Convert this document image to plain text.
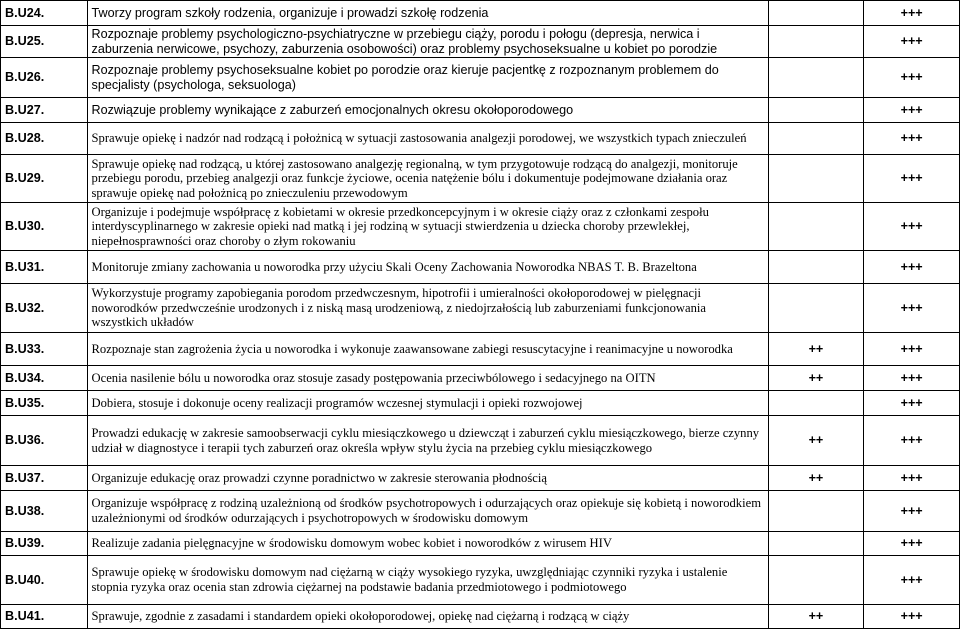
B.U24.	Tworzy program szkoły rodzenia, organizuje i prowadzi szkołę rodzenia		+++
B.U25.	Rozpoznaje problemy psychologiczno-psychiatryczne w przebiegu ciąży, porodu i połogu (depresja, nerwica i zaburzenia nerwicowe, psychozy, zaburzenia osobowości) oraz problemy psychoseksualne u kobiet po porodzie		+++
B.U26.	Rozpoznaje problemy psychoseksualne kobiet po porodzie oraz kieruje pacjentkę z rozpoznanym problemem do specjalisty (psychologa, seksuologa)		+++
B.U27.	Rozwiązuje problemy wynikające z zaburzeń emocjonalnych okresu okołoporodowego		+++
B.U28.	Sprawuje opiekę i nadzór nad rodzącą i położnicą w sytuacji zastosowania analgezji porodowej, we wszystkich typach znieczuleń		+++
B.U29.	Sprawuje opiekę nad rodzącą, u której zastosowano analgezję regionalną, w tym przygotowuje rodzącą do analgezji, monitoruje przebiegu porodu, przebieg analgezji oraz funkcje życiowe, ocenia natężenie bólu i dokumentuje podejmowane działania oraz sprawuje opiekę nad położnicą po znieczuleniu przewodowym		+++
B.U30.	Organizuje i podejmuje współpracę z kobietami w okresie przedkoncepcyjnym i w okresie ciąży oraz z członkami zespołu interdyscyplinarnego w zakresie opieki nad matką i jej rodziną w sytuacji stwierdzenia u dziecka choroby przewlekłej, niepełnosprawności oraz choroby o złym rokowaniu		+++
B.U31.	Monitoruje zmiany zachowania u noworodka przy użyciu Skali Oceny Zachowania Noworodka NBAS T. B. Brazeltona		+++
B.U32.	Wykorzystuje programy zapobiegania porodom przedwczesnym, hipotrofii i umieralności okołoporodowej w pielęgnacji noworodków przedwcześnie urodzonych i z niską masą urodzeniową, z niedojrzałością lub zaburzeniami funkcjonowania wszystkich układów		+++
B.U33.	Rozpoznaje stan zagrożenia życia u noworodka i wykonuje zaawansowane zabiegi resuscytacyjne i reanimacyjne u noworodka	++	+++
B.U34.	Ocenia nasilenie bólu u noworodka oraz stosuje zasady postępowania przeciwbólowego i sedacyjnego na OITN	++	+++
B.U35.	Dobiera, stosuje i dokonuje oceny realizacji programów wczesnej stymulacji i opieki rozwojowej		+++
B.U36.	Prowadzi edukację w zakresie samoobserwacji cyklu miesiączkowego u dziewcząt i zaburzeń cyklu miesiączkowego, bierze czynny udział w diagnostyce i terapii tych zaburzeń oraz określa wpływ stylu życia na przebieg cyklu miesiączkowego	++	+++
B.U37.	Organizuje edukację oraz prowadzi czynne poradnictwo w zakresie sterowania płodnością	++	+++
B.U38.	Organizuje współpracę z rodziną uzależnioną od środków psychotropowych i odurzających oraz opiekuje się kobietą i noworodkiem uzależnionymi od środków odurzających i psychotropowych w środowisku domowym		+++
B.U39.	Realizuje zadania pielęgnacyjne w środowisku domowym wobec kobiet i noworodków z wirusem HIV		+++
B.U40.	Sprawuje opiekę w środowisku domowym nad ciężarną w ciąży wysokiego ryzyka, uwzględniając czynniki ryzyka i ustalenie stopnia ryzyka oraz ocenia stan zdrowia ciężarnej na podstawie badania przedmiotowego i podmiotowego		+++
B.U41.	Sprawuje, zgodnie z zasadami i standardem opieki okołoporodowej, opiekę nad ciężarną i rodzącą w ciąży	++	+++
